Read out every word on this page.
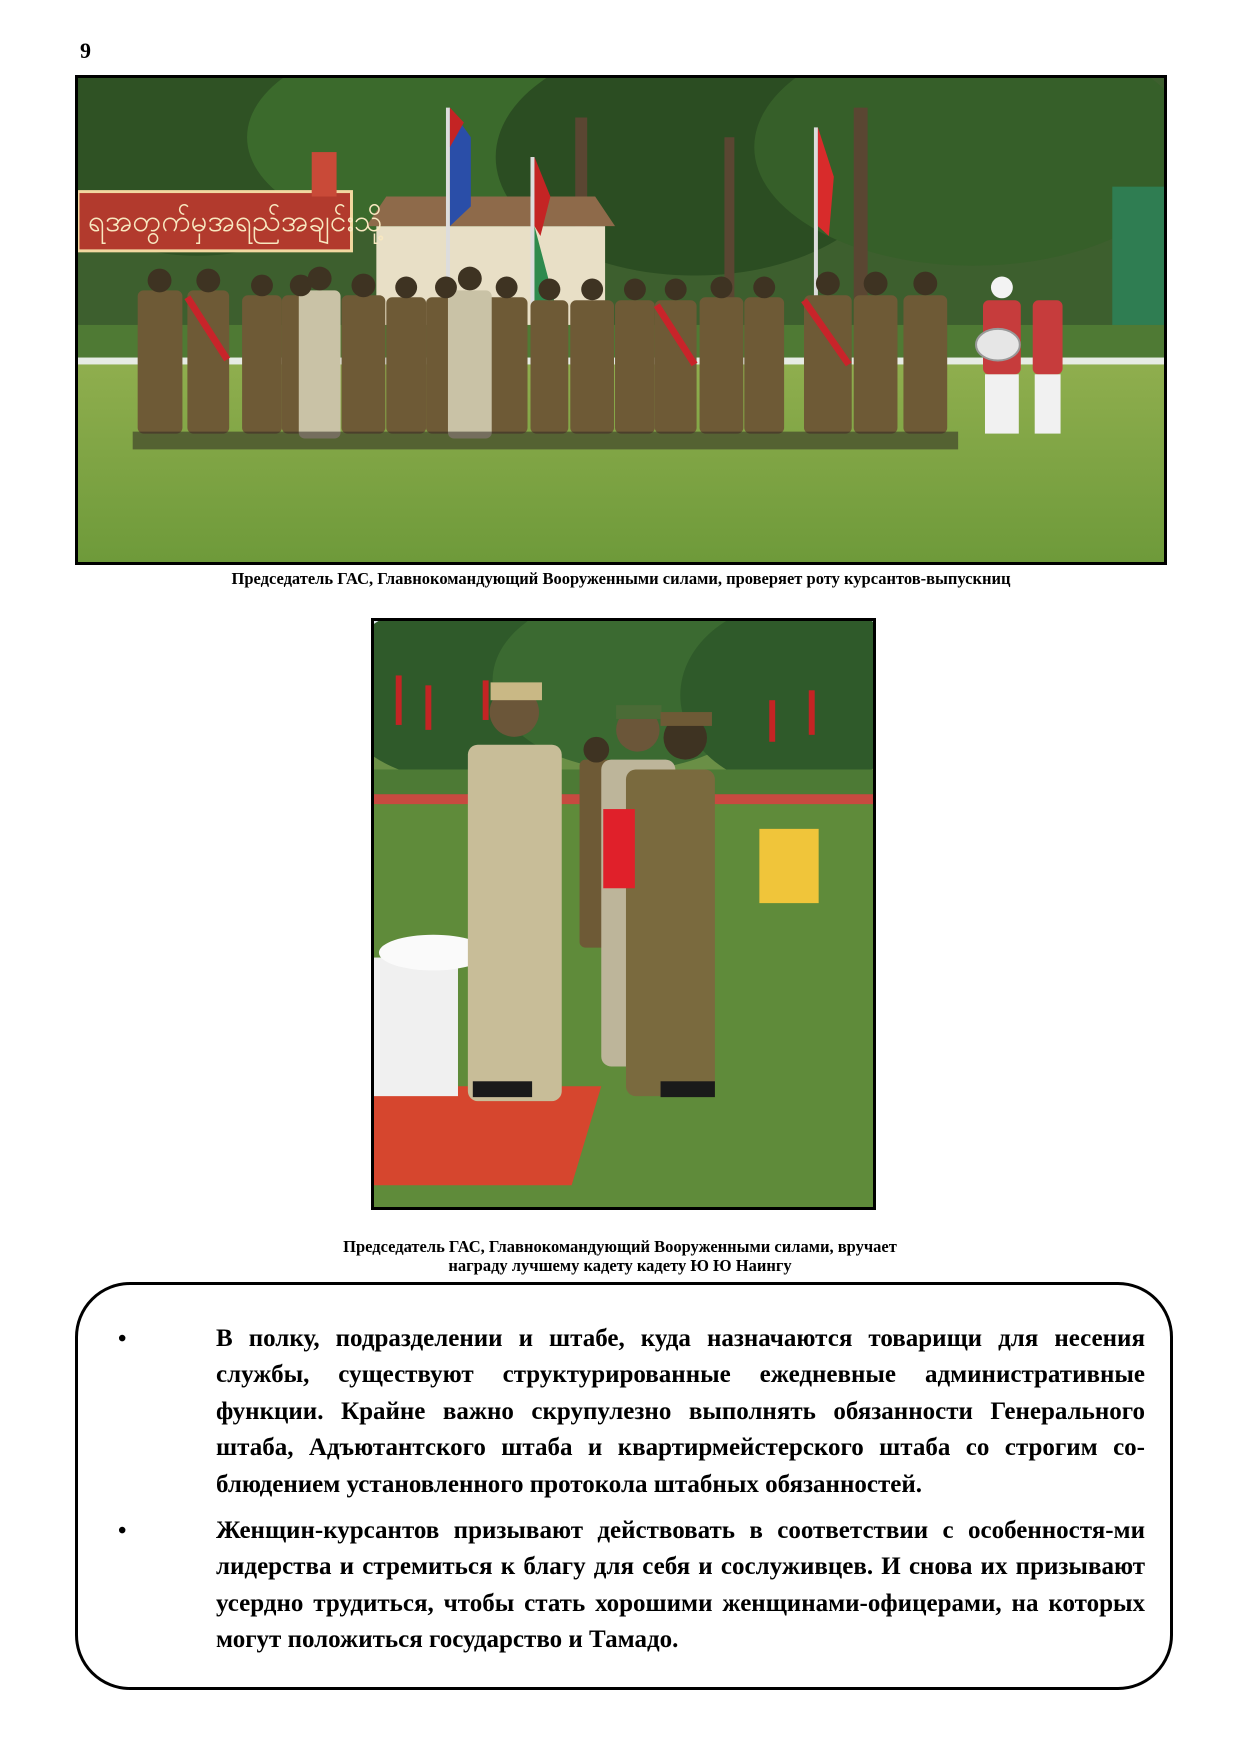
9
ရအတွက်မှအရည်အချင်းသို့
Председатель ГАС, Главнокомандующий Вооруженными силами, проверяет роту курсантов-выпускниц
Председатель ГАС, Главнокомандующий Вооруженными силами, вручает
награду лучшему кадету кадету Ю Ю Наингу
•	В полку, подразделении и штабе, куда назначаются товарищи для несения службы, существуют структурированные ежедневные административные функции. Крайне важно скрупулезно выполнять обязанности Генерального штаба, Адъютантского штаба и квартирмейстерского штаба со строгим со-блюдением установленного протокола штабных обязанностей.
•	Женщин-курсантов призывают действовать в соответствии с особенностя-ми лидерства и стремиться к благу для себя и сослуживцев. И снова их призывают усердно трудиться, чтобы стать хорошими женщинами-офицерами, на которых могут положиться государство и Тамадо.
